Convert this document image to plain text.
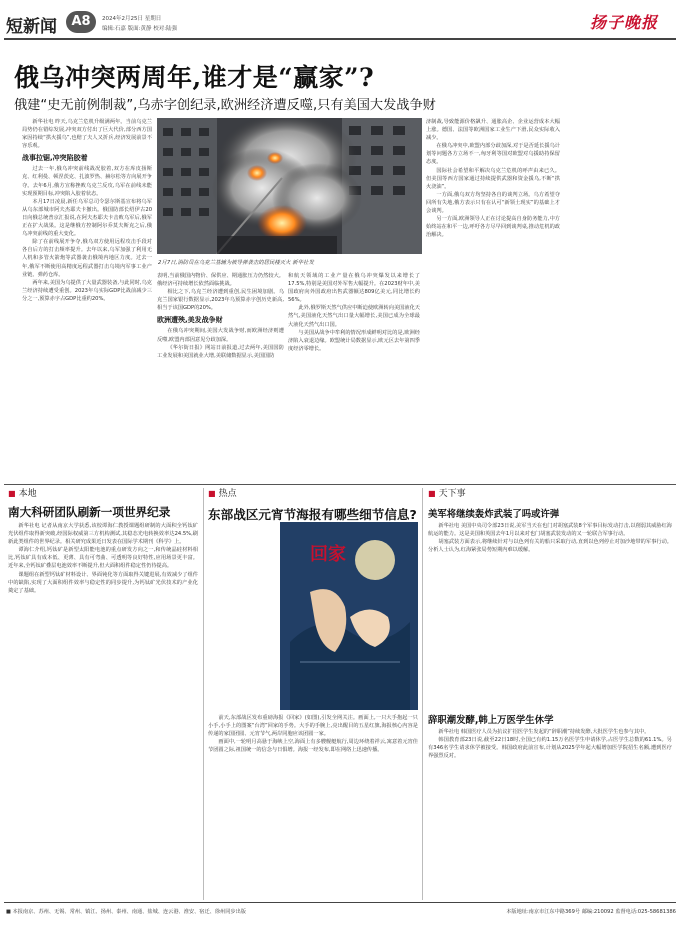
短新闻	A8	2024年2月25日 星期日
编辑:石嘉 版面:黄静 校对:陆强	扬子晚报
俄乌冲突两周年,谁才是“赢家”?
俄建“史无前例制裁”,乌赤字创纪录,欧洲经济遭反噬,只有美国大发战争财

新华社电 昨天,乌克兰危机升级满两年。当前乌克兰局势仍在错综发展,冲突双方付出了巨大代价,部分西方国家因持续“拱火援乌”,也赔了夫人又折兵,经济发展前景不容乐观。

战事拉锯,冲突陷胶着

过去一年,俄乌冲突前线战况胶着,双方在库皮扬斯克、红利曼、顿涅茨克、扎波罗热、赫尔松等方向展开争夺。去年6月,俄方宣称挫败乌克兰反攻,乌军在前线未能实现预期目标,冲突陷入胶着状态。

本月17日凌晨,新任乌军总司令瑟尔斯基宣布将乌军从乌东部城市阿夫杰耶夫卡撤出。俄国防部长绍伊古20日向俄总统普京汇报说,在阿夫杰耶夫卡击败乌军后,俄军正在扩大战果。这是继俄方控制阿尔乔莫夫斯克之后,俄乌冲突前线的重大变化。

除了在前线展开争夺,俄乌双方使用远程攻击手段对各自后方的打击频率提升。去年以来,乌军加强了利用无人机和多管火箭炮等武器袭击俄境内地区力度。过去一年,俄军不断使用高精度远程武器打击乌境内军事工业产业链、弹药仓库。

两年来,美国为乌提供了大量武器装备,与此同时,乌克兰经济持续遭受重创。2023年乌实际GDP比战前减少三分之一,预算赤字占GDP比重约20%。

2月7日,消防员在乌克兰基辅为被导弹袭击的居民楼灭火 新华社发

表明,当前俄国内物价、保供应、期通胀压力仍然较大。俄经济可持续增长依然面临挑战。

相比之下,乌克兰经济遭到重创,民生困境加剧。乌克兰国家银行数据显示,2023年乌预算赤字创历史新高,相当于该国GDP的20%。

欧洲遭殃,美发战争财

在俄乌冲突期间,美国大发战争财,而欧洲经济则遭反噬,欧盟内部因意见分歧加深。

《华尔街日报》网站日前报道,过去两年,美国国防工业发展和美国就业大增,美联储数据显示,美国国防

和航天领域的工业产量在俄乌冲突爆发以来增长了17.5%,特别是美国对外军售大幅提升。在2023财年中,美国政府向外国政府出售武器额达809亿美元,同比增长约56%。

此外,俄罗斯天然气供应中断迫使欧洲转向美国液化天然气,美国液化天然气出口量大幅增长,美国已成为全球最大液化天然气出口国。

与美国从战争中牟利的情况形成鲜明对比的是,欧洲经济陷入衰退边缘。欧盟统计局数据显示,欧元区去年第四季度经济零增长。

济制裁,导致能源价格飙升、通胀高企、企业运营成本大幅上涨。德国、法国等欧洲国家工业生产下滑,民众实际收入减少。

在俄乌冲突中,欧盟内部分歧加深,对于是否延长援乌计划等问题各方立场不一,匈牙利等国对欧盟对乌援助持保留态度。

国际社会希望和平解决乌克兰危机的呼声由来已久。但美国等西方国家通过持续提供武器和资金援乌,不断“拱火浇油”。

一方面,俄乌双方均坚持各自的谈判立场。乌方希望夺回所有失地,俄方表示只有在认可“新领土现实”的基础上才会谈判。

另一方面,欧洲领导人正在讨论提高自身防务能力,中方始终站在和平一边,呼吁各方尽早回到谈判桌,推动危机的政治解决。

■ 本地
南大科研团队刷新一项世界纪录

新华社电 记者从南京大学获悉,该校谭海仁教授课题组研制的大面积全钙钛矿光伏组件取得新突破,经国际权威第三方机构测试,其稳态光电转换效率达24.5%,刷新此类组件的世界纪录。相关研究成果近日发表在国际学术期刊《科学》上。

谭海仁介绍,钙钛矿是新型太阳能电池的重点研发方向之一,和传统晶硅材料相比,钙钛矿具有成本低、更薄、具有可弯曲、可透明等良好特性,应用场景更丰富。近年来,全钙钛矿叠层电池效率不断提升,但大面积组件稳定性仍待提高。

课题组在新型钙钛矿材料设计、界面钝化等方面取得关键进展,有效减少了组件中的缺陷,实现了大面积组件效率与稳定性的同步提升,为钙钛矿光伏技术的产业化奠定了基础。

■ 热点
东部战区元宵节海报有哪些细节信息?
回家

前天,东部战区发布重磅海报《回家》(如图),引发全网关注。画面上,一只大手抱起一只小手,小手上的图案“台湾”回家的手势。大手的手腕上,亮出醒目的五星红旗,海报核心内容是传递的家国团圆、元宵节气,两岸同胞应该团圆一家。

画面中,一轮明月高悬于海峡上空,海面上有多艘舰艇航行,周边环绕着祥云,寓意着元宵佳节团圆之际,祖国统一的信念与日俱增。海报一经发布,即在网络上迅速传播。

■ 天下事
美军将继续轰炸武装了吗或许弹

新华社电 美国中央司令部23日说,美军当天在也门对胡塞武装8个军事目标发动打击,以削弱其威胁红海航运的能力。这是美国和英国去年1月以来对也门胡塞武装发动的又一轮联合军事行动。

胡塞武装方面表示,将继续针对与以色列有关的船只采取行动,直到以色列停止对加沙地带的军事行动。分析人士认为,红海紧张局势短期内难以缓解。

辞职潮发酵,韩上万医学生休学

新华社电 韩国医疗人员为抗议扩招医学生发起的“辞职潮”持续发酵,大批医学生也参与其中。

韩国教育部23日说,截至22日18时,全国已有约1.15万名医学生申请休学,占医学生总数的61.1%。另有346名学生请求休学被接受。韩国政府此前宣布,计划从2025学年起大幅增加医学院招生名额,遭到医疗界强烈反对。

■ 本报南京、苏州、无锡、常州、镇江、扬州、泰州、南通、盐城、连云港、淮安、宿迁、徐州同步出版	本版地址:南京市江东中路369号 邮编:210092 监督电话:025-58681386
